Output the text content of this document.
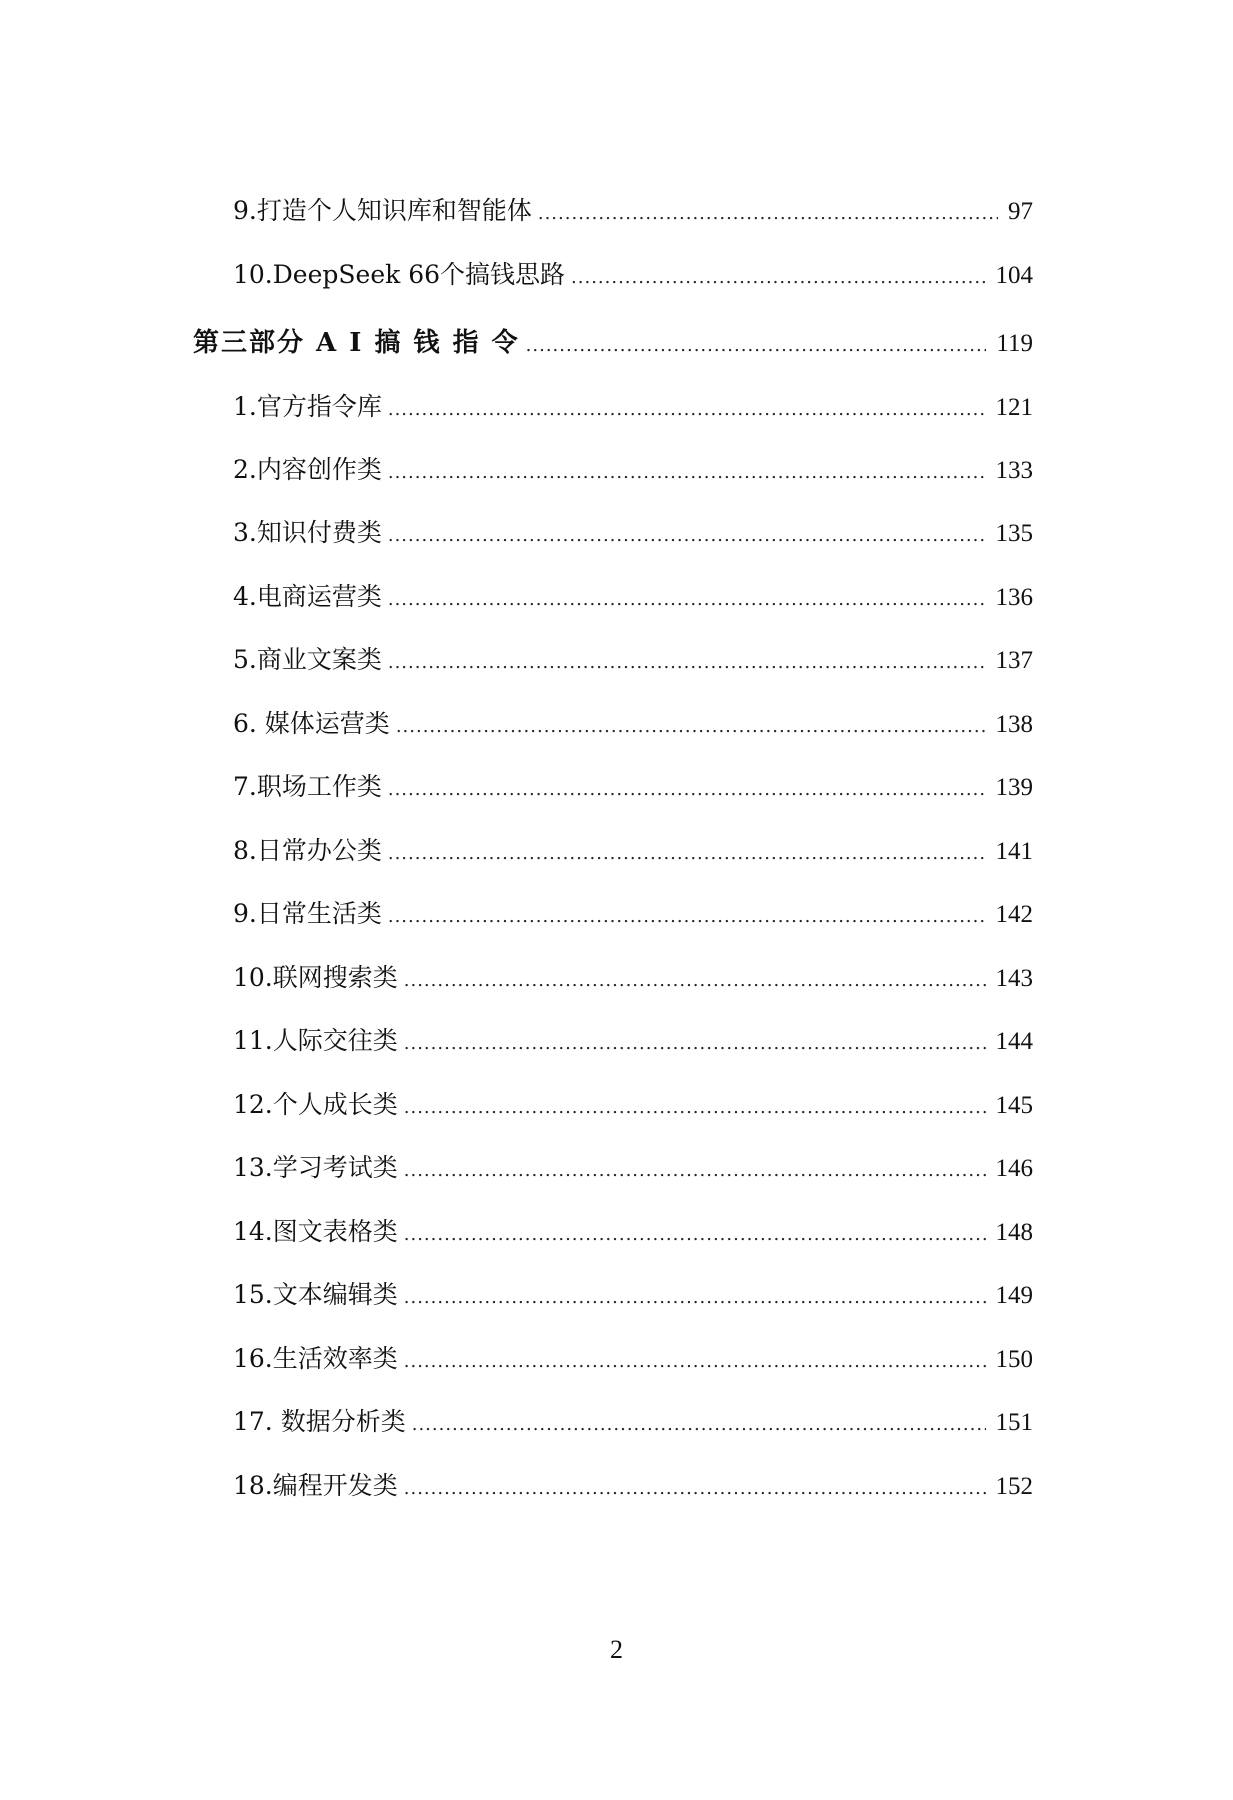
9.打造个人知识库和智能体 .....	97
10.DeepSeek 66个搞钱思路 .....	104
第三部分 A I 搞 钱 指 令 .....	119
1.官方指令库 .....	121
2.内容创作类 .....	133
3.知识付费类 .....	135
4.电商运营类 .....	136
5.商业文案类 .....	137
6. 媒体运营类 .....	138
7.职场工作类 .....	139
8.日常办公类 .....	141
9.日常生活类 .....	142
10.联网搜索类 .....	143
11.人际交往类 .....	144
12.个人成长类 .....	145
13.学习考试类 .....	146
14.图文表格类 .....	148
15.文本编辑类 .....	149
16.生活效率类 .....	150
17. 数据分析类 .....	151
18.编程开发类 .....	152
2
